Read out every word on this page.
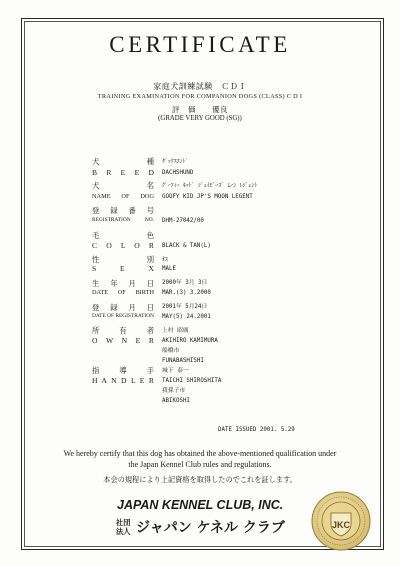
CERTIFICATE
家庭犬訓練試験　ＣＤＩ
TRAINING EXAMINATION FOR COMPANION DOGS (CLASS) C D I
評　価　　優良
(GRADE VERY GOOD (SG))
犬 種
B R E E D
ﾀﾞｯｸｽﾌﾝﾄﾞ
DACHSHUND
犬 名
NAME OF DOG
ｸﾞｰﾌｨｰ ｷｯﾄﾞ ｼﾞｪｲﾋﾟｰｽﾞ ﾑｰﾝ ﾚｼﾞｪﾝﾄ
GOOFY KID JP'S MOON LEGENT
登 録 番 号
REGISTRATION NO. DHM-27042/00
毛 色
C O L O R BLACK & TAN(L)
性 別
S E X
ｵｽ
MALE
生 年 月 日
DATE OF BIRTH
2000年 3月 3日
MAR.(3) 3.2000
登 録 月 日
DATE OF REGISTRATION
2001年 5月24日
MAY(5) 24.2001
所 有 者
O W N E R
上村 昭廣
AKIHIRO KAMIMURA
船橋市
FUNABASHISHI
指 導 手
H A N D L E R
城下 泰一
TAICHI SHIROSHITA
我孫子市
ABIKOSHI
DATE ISSUED 2001. 5.29
We hereby certify that this dog has obtained the above-mentioned qualification under
the Japan Kennel Club rules and regulations.
本会の規程により上記資格を取得したのでこれを証します。
JAPAN KENNEL CLUB, INC.
社団
法人 ジャパン ケネル クラブ	JKC
